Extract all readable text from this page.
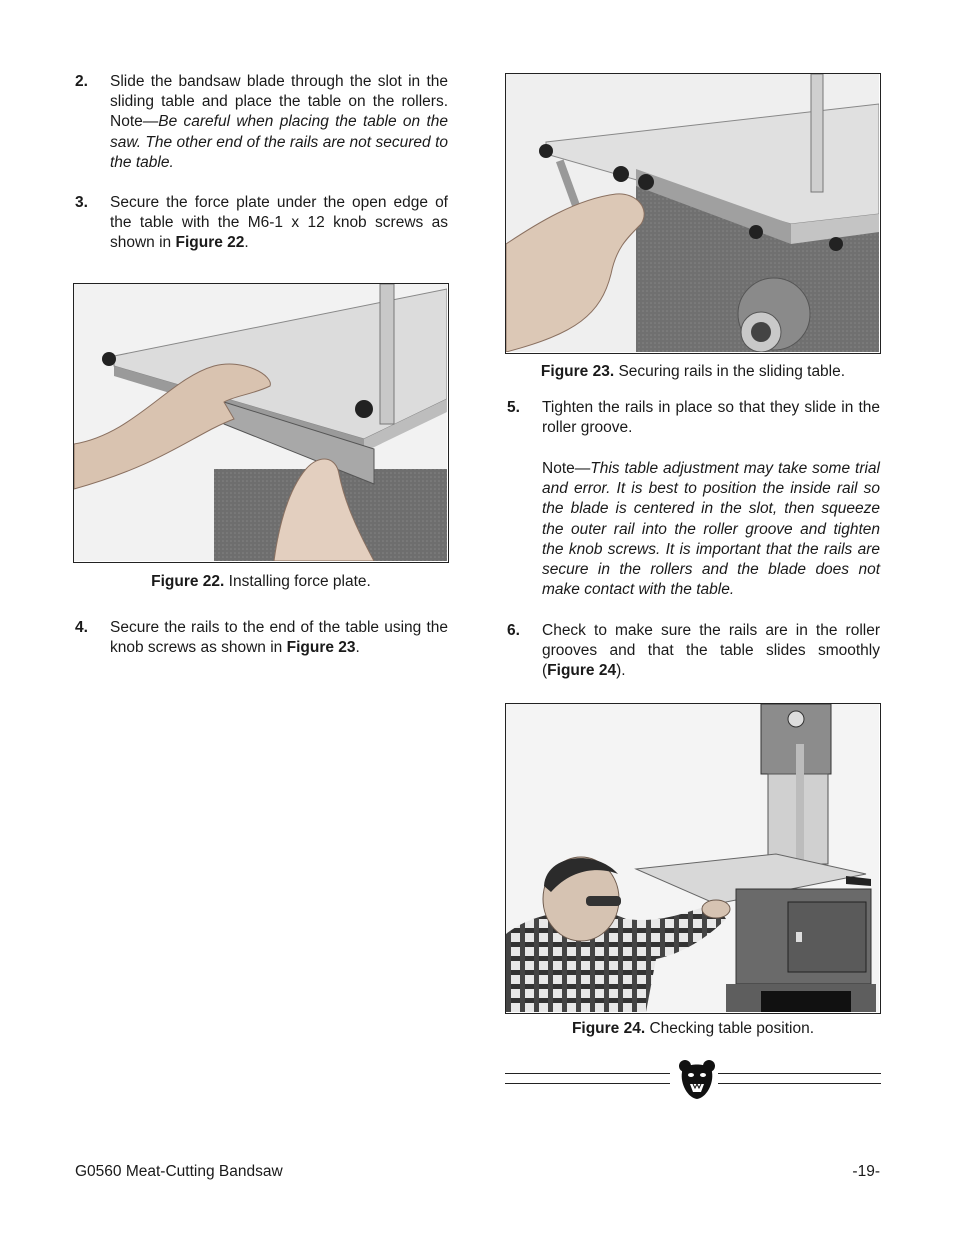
2. Slide the bandsaw blade through the slot in the sliding table and place the table on the rollers. Note—Be careful when placing the table on the saw. The other end of the rails are not secured to the table.
3. Secure the force plate under the open edge of the table with the M6-1 x 12 knob screws as shown in Figure 22.
Figure 22. Installing force plate.
4. Secure the rails to the end of the table using the knob screws as shown in Figure 23.
Figure 23. Securing rails in the sliding table.
5. Tighten the rails in place so that they slide in the roller groove.
Note—This table adjustment may take some trial and error. It is best to position the inside rail so the blade is centered in the slot, then squeeze the outer rail into the roller groove and tighten the knob screws. It is important that the rails are secure in the rollers and the blade does not make contact with the table.
6. Check to make sure the rails are in the roller grooves and that the table slides smoothly (Figure 24).
Figure 24. Checking table position.
G0560 Meat-Cutting Bandsaw	-19-
